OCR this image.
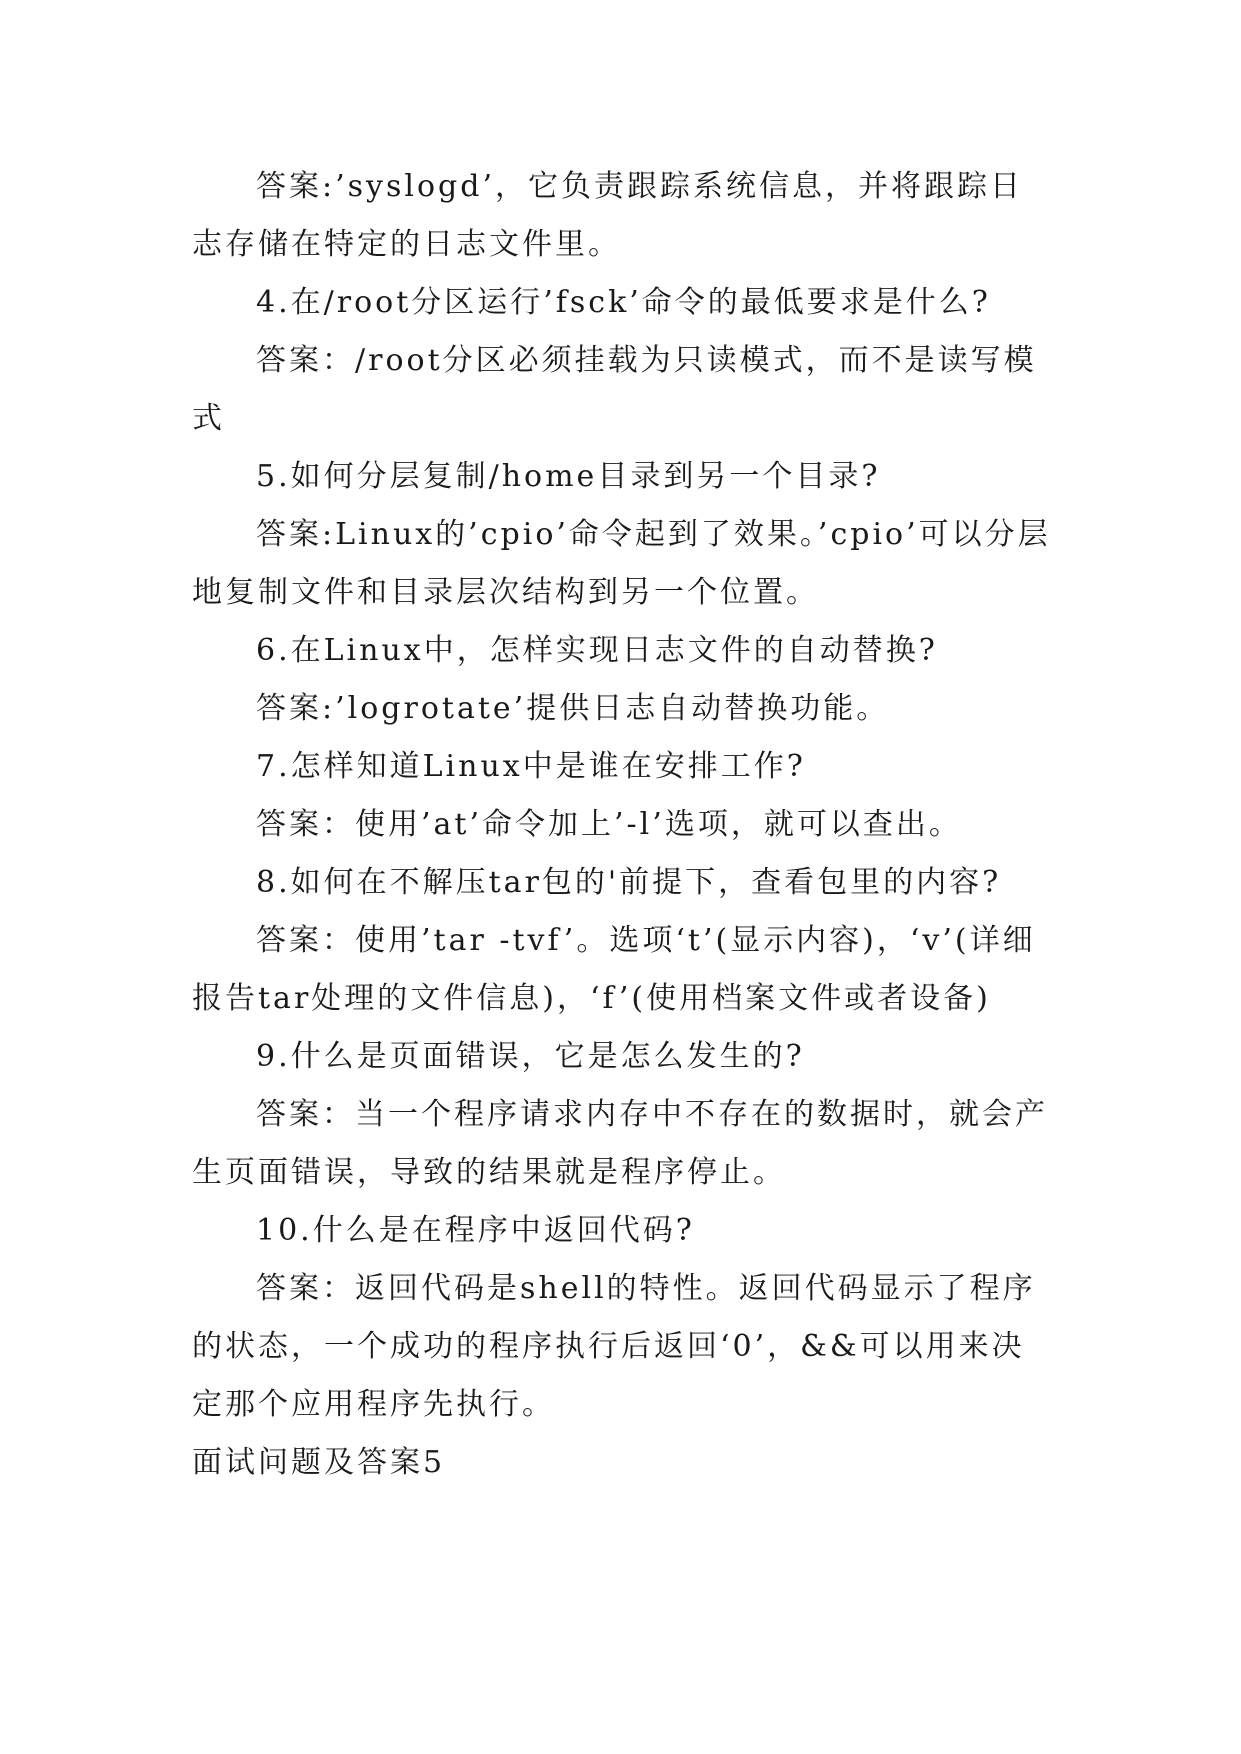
答案:’syslogd’，它负责跟踪系统信息，并将跟踪日志存储在特定的日志文件里。

4.在/root分区运行’fsck’命令的最低要求是什么?

答案：/root分区必须挂载为只读模式，而不是读写模式

5.如何分层复制/home目录到另一个目录?

答案:Linux的’cpio’命令起到了效果。’cpio’可以分层地复制文件和目录层次结构到另一个位置。

6.在Linux中，怎样实现日志文件的自动替换?

答案:’logrotate’提供日志自动替换功能。

7.怎样知道Linux中是谁在安排工作?

答案：使用’at’命令加上’-l’选项，就可以查出。

8.如何在不解压tar包的'前提下，查看包里的内容?

答案：使用’tar -tvf’。选项‘t’(显示内容)，‘v’(详细报告tar处理的文件信息)，‘f’(使用档案文件或者设备)

9.什么是页面错误，它是怎么发生的?

答案：当一个程序请求内存中不存在的数据时，就会产生页面错误，导致的结果就是程序停止。

10.什么是在程序中返回代码?

答案：返回代码是shell的特性。返回代码显示了程序的状态，一个成功的程序执行后返回‘0’，&&可以用来决定那个应用程序先执行。

面试问题及答案5
